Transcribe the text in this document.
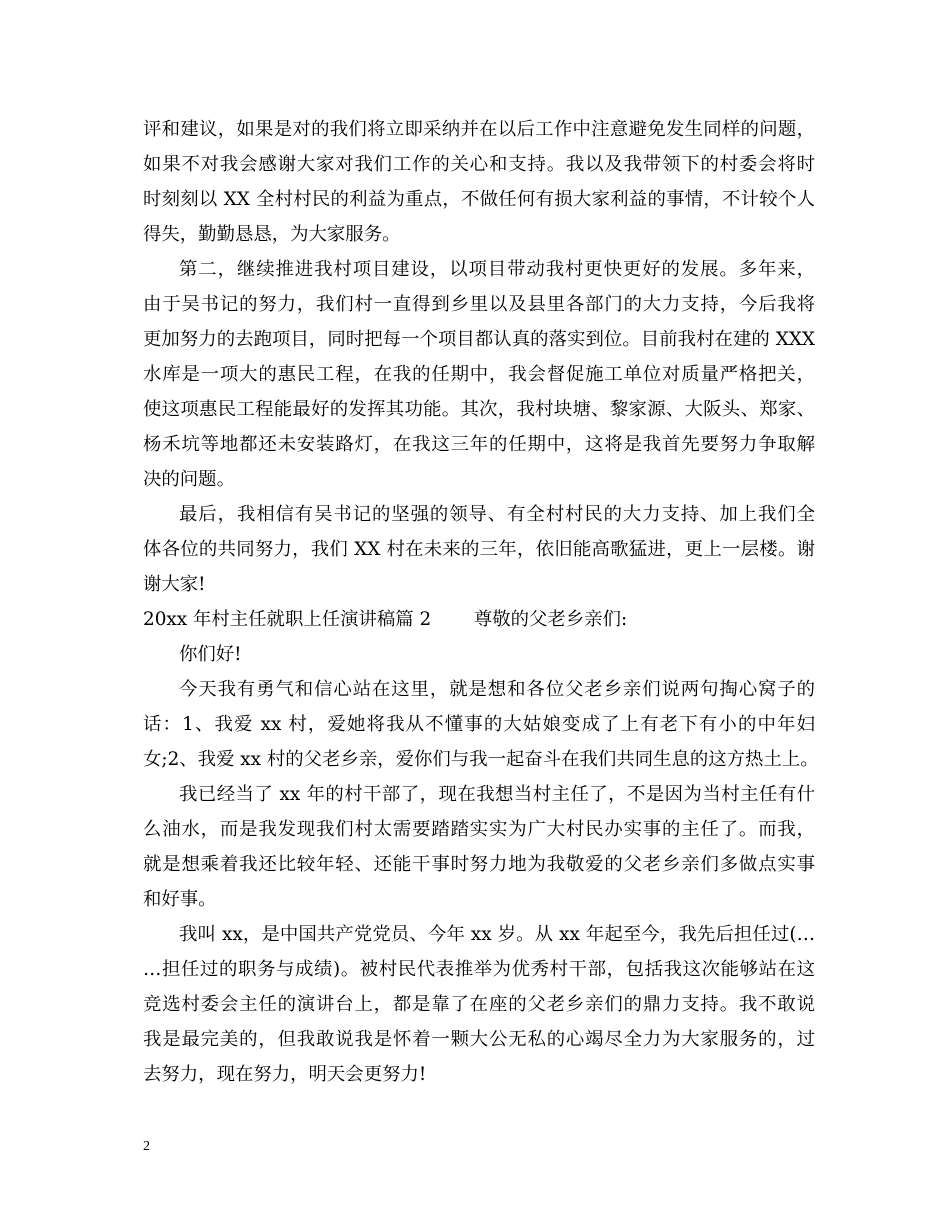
评和建议，如果是对的我们将立即采纳并在以后工作中注意避免发生同样的问题，
如果不对我会感谢大家对我们工作的关心和支持。我以及我带领下的村委会将时
时刻刻以 XX 全村村民的利益为重点，不做任何有损大家利益的事情，不计较个人
得失，勤勤恳恳，为大家服务。
第二，继续推进我村项目建设，以项目带动我村更快更好的发展。多年来，
由于吴书记的努力，我们村一直得到乡里以及县里各部门的大力支持，今后我将
更加努力的去跑项目，同时把每一个项目都认真的落实到位。目前我村在建的 XXX
水库是一项大的惠民工程，在我的任期中，我会督促施工单位对质量严格把关，
使这项惠民工程能最好的发挥其功能。其次，我村块塘、黎家源、大阪头、郑家、
杨禾坑等地都还未安装路灯，在我这三年的任期中，这将是我首先要努力争取解
决的问题。
最后，我相信有吴书记的坚强的领导、有全村村民的大力支持、加上我们全
体各位的共同努力，我们 XX 村在未来的三年，依旧能高歌猛进，更上一层楼。谢
谢大家!
20xx 年村主任就职上任演讲稿篇 2　　 尊敬的父老乡亲们:
你们好!
今天我有勇气和信心站在这里，就是想和各位父老乡亲们说两句掏心窝子的
话：1、我爱 xx 村，爱她将我从不懂事的大姑娘变成了上有老下有小的中年妇
女;2、我爱 xx 村的父老乡亲，爱你们与我一起奋斗在我们共同生息的这方热土上。
我已经当了 xx 年的村干部了，现在我想当村主任了，不是因为当村主任有什
么油水，而是我发现我们村太需要踏踏实实为广大村民办实事的主任了。而我，
就是想乘着我还比较年轻、还能干事时努力地为我敬爱的父老乡亲们多做点实事
和好事。
我叫 xx，是中国共产党党员、今年 xx 岁。从 xx 年起至今，我先后担任过(…
…担任过的职务与成绩)。被村民代表推举为优秀村干部，包括我这次能够站在这
竞选村委会主任的演讲台上，都是靠了在座的父老乡亲们的鼎力支持。我不敢说
我是最完美的，但我敢说我是怀着一颗大公无私的心竭尽全力为大家服务的，过
去努力，现在努力，明天会更努力!
2
